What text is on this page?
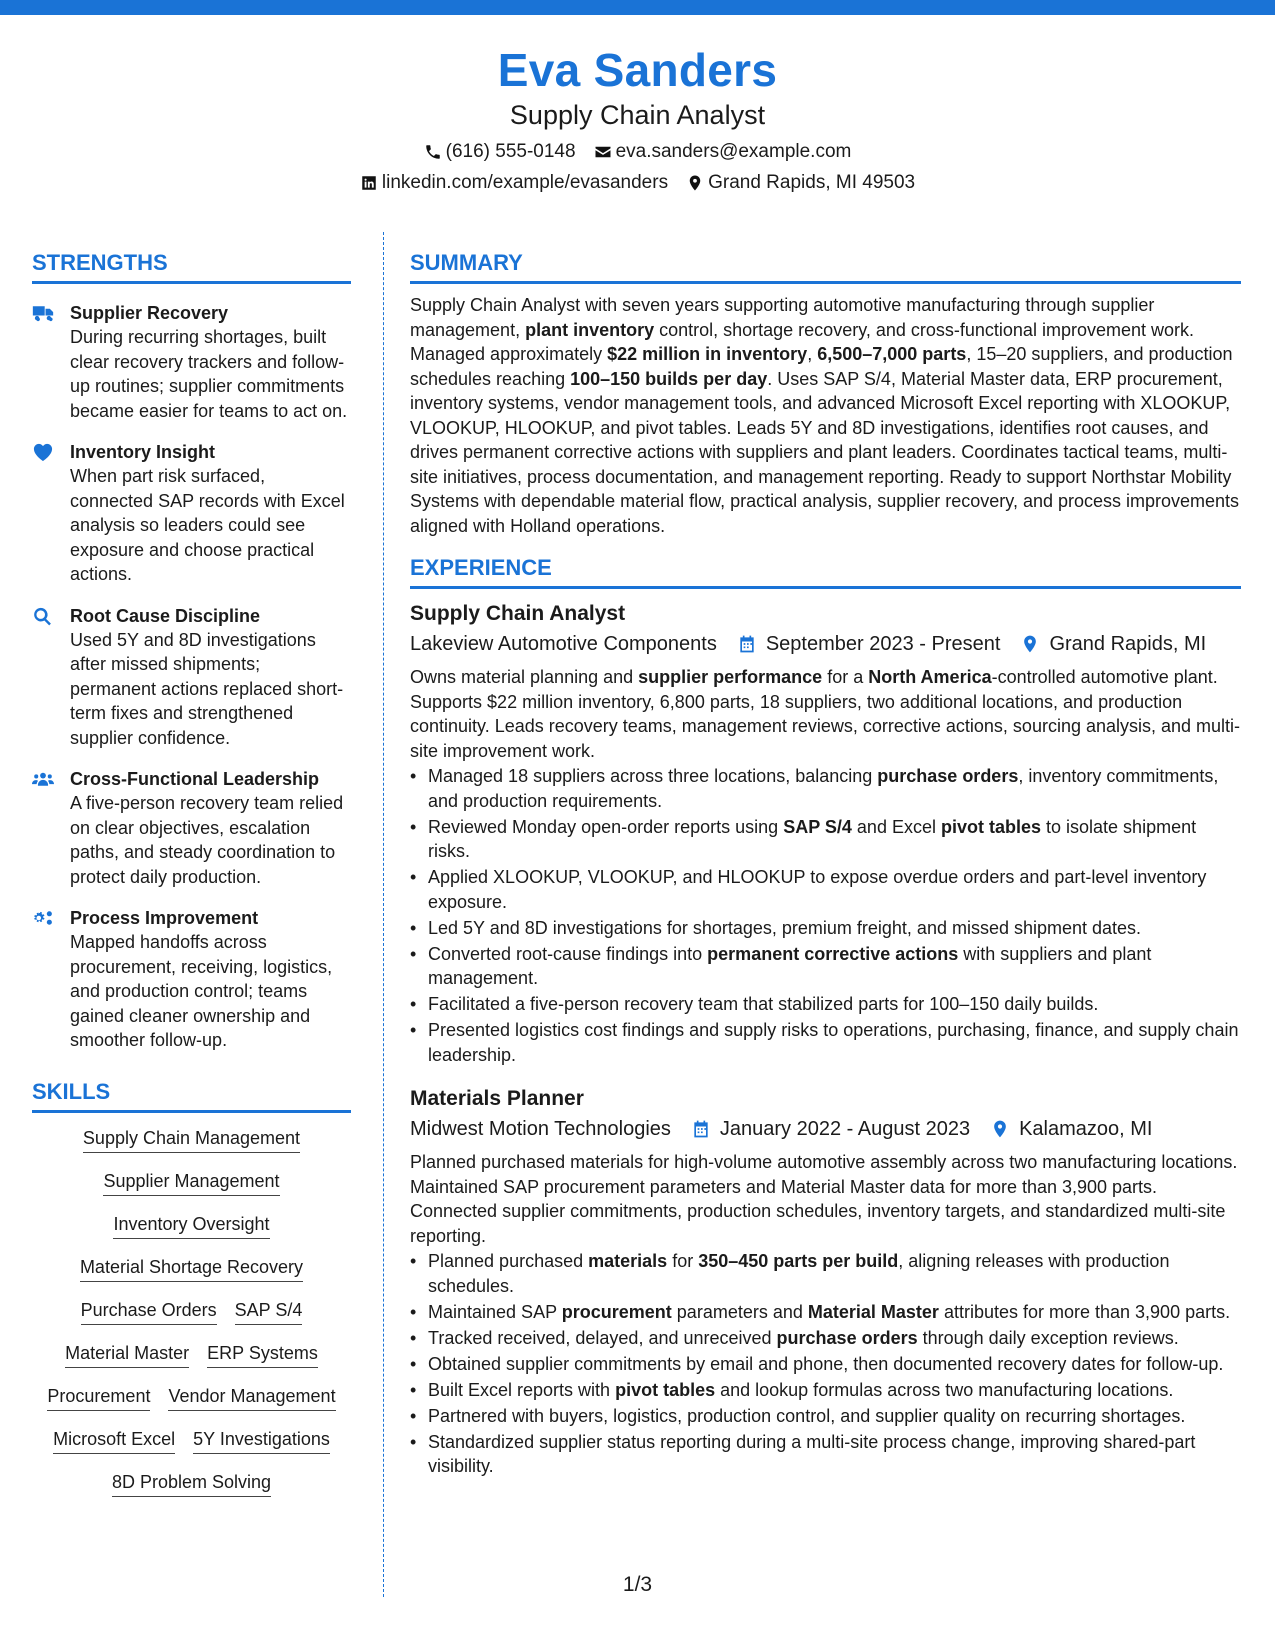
Eva Sanders
Supply Chain Analyst
(616) 555-0148 eva.sanders@example.com
linkedin.com/example/evasanders Grand Rapids, MI 49503
STRENGTHS
Supplier Recovery
During recurring shortages, built clear recovery trackers and follow-up routines; supplier commitments became easier for teams to act on.
Inventory Insight
When part risk surfaced, connected SAP records with Excel analysis so leaders could see exposure and choose practical actions.
Root Cause Discipline
Used 5Y and 8D investigations after missed shipments; permanent actions replaced short-term fixes and strengthened supplier confidence.
Cross-Functional Leadership
A five-person recovery team relied on clear objectives, escalation paths, and steady coordination to protect daily production.
Process Improvement
Mapped handoffs across procurement, receiving, logistics, and production control; teams gained cleaner ownership and smoother follow-up.
SKILLS
Supply Chain Management
Supplier Management
Inventory Oversight
Material Shortage Recovery
Purchase Orders SAP S/4
Material Master ERP Systems
Procurement Vendor Management
Microsoft Excel 5Y Investigations
8D Problem Solving
SUMMARY
Supply Chain Analyst with seven years supporting automotive manufacturing through supplier management, plant inventory control, shortage recovery, and cross-functional improvement work. Managed approximately $22 million in inventory, 6,500–7,000 parts, 15–20 suppliers, and production schedules reaching 100–150 builds per day. Uses SAP S/4, Material Master data, ERP procurement, inventory systems, vendor management tools, and advanced Microsoft Excel reporting with XLOOKUP, VLOOKUP, HLOOKUP, and pivot tables. Leads 5Y and 8D investigations, identifies root causes, and drives permanent corrective actions with suppliers and plant leaders. Coordinates tactical teams, multi-site initiatives, process documentation, and management reporting. Ready to support Northstar Mobility Systems with dependable material flow, practical analysis, supplier recovery, and process improvements aligned with Holland operations.
EXPERIENCE
Supply Chain Analyst
Lakeview Automotive Components September 2023 - Present Grand Rapids, MI
Owns material planning and supplier performance for a North America-controlled automotive plant. Supports $22 million inventory, 6,800 parts, 18 suppliers, two additional locations, and production continuity. Leads recovery teams, management reviews, corrective actions, sourcing analysis, and multi-site improvement work.
• Managed 18 suppliers across three locations, balancing purchase orders, inventory commitments, and production requirements.
• Reviewed Monday open-order reports using SAP S/4 and Excel pivot tables to isolate shipment risks.
• Applied XLOOKUP, VLOOKUP, and HLOOKUP to expose overdue orders and part-level inventory exposure.
• Led 5Y and 8D investigations for shortages, premium freight, and missed shipment dates.
• Converted root-cause findings into permanent corrective actions with suppliers and plant management.
• Facilitated a five-person recovery team that stabilized parts for 100–150 daily builds.
• Presented logistics cost findings and supply risks to operations, purchasing, finance, and supply chain leadership.
Materials Planner
Midwest Motion Technologies January 2022 - August 2023 Kalamazoo, MI
Planned purchased materials for high-volume automotive assembly across two manufacturing locations. Maintained SAP procurement parameters and Material Master data for more than 3,900 parts. Connected supplier commitments, production schedules, inventory targets, and standardized multi-site reporting.
• Planned purchased materials for 350–450 parts per build, aligning releases with production schedules.
• Maintained SAP procurement parameters and Material Master attributes for more than 3,900 parts.
• Tracked received, delayed, and unreceived purchase orders through daily exception reviews.
• Obtained supplier commitments by email and phone, then documented recovery dates for follow-up.
• Built Excel reports with pivot tables and lookup formulas across two manufacturing locations.
• Partnered with buyers, logistics, production control, and supplier quality on recurring shortages.
• Standardized supplier status reporting during a multi-site process change, improving shared-part visibility.
1/3
